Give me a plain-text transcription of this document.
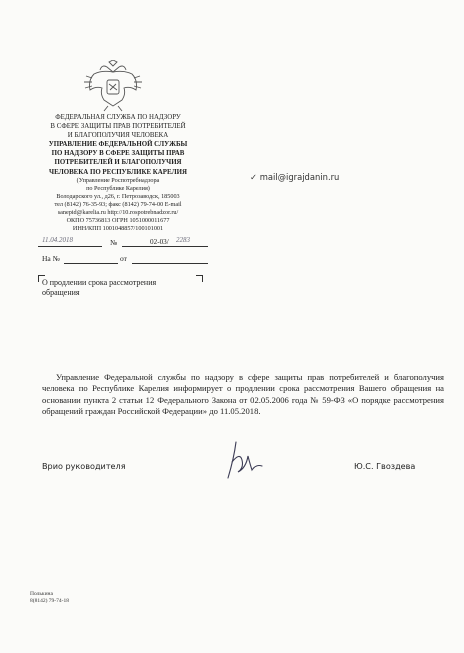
ФЕДЕРАЛЬНАЯ СЛУЖБА ПО НАДЗОРУ
В СФЕРЕ ЗАЩИТЫ ПРАВ ПОТРЕБИТЕЛЕЙ
И БЛАГОПОЛУЧИЯ ЧЕЛОВЕКА
УПРАВЛЕНИЕ ФЕДЕРАЛЬНОЙ СЛУЖБЫ
ПО НАДЗОРУ В СФЕРЕ ЗАЩИТЫ ПРАВ
ПОТРЕБИТЕЛЕЙ И БЛАГОПОЛУЧИЯ
ЧЕЛОВЕКА ПО РЕСПУБЛИКЕ КАРЕЛИЯ
(Управление Роспотребнадзора
по Республике Карелия)
Володарского ул., д26, г. Петрозаводск, 185003
тел (8142) 76-35-93; факс (8142) 79-74-00 E-mail
sanepid@karelia.ru http://10.rospotrebnadzor.ru/
ОКПО 75736813 ОГРН 1051000011677
ИНН/КПП 1001048857/100101001
11.04.2018	№	02-03/ 2283
На №	от
О продлении срока рассмотрения обращения
✓ mail@igrajdanin.ru
Управление Федеральной службы по надзору в сфере защиты прав потребителей и благополучия человека по Республике Карелия информирует о продлении срока рассмотрения Вашего обращения на основании пункта 2 статьи 12 Федерального Закона от 02.05.2006 года № 59-ФЗ «О порядке рассмотрения обращений граждан Российской Федерации» до 11.05.2018.
Врио руководителя	Ю.С. Гвоздева
Полькина
8(8142) 79-74-18
